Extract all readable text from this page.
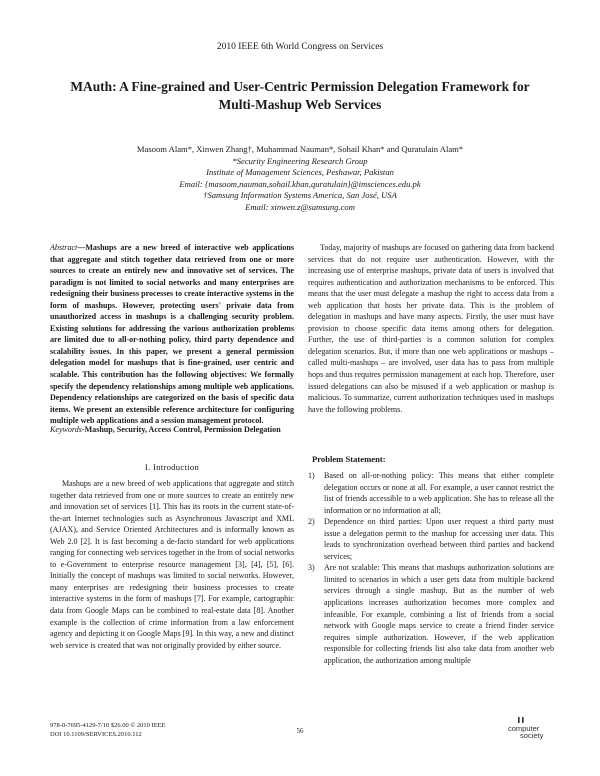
2010 IEEE 6th World Congress on Services
MAuth: A Fine-grained and User-Centric Permission Delegation Framework for
Multi-Mashup Web Services
Masoom Alam*, Xinwen Zhang†, Muhammad Nauman*, Sohail Khan* and Quratulain Alam*
*Security Engineering Research Group
Institute of Management Sciences, Peshawar, Pakistan
Email: {masoom,nauman,sohail.khan,quratulain}@imsciences.edu.pk
†Samsung Information Systems America, San José, USA
Email: xinwen.z@samsung.com
Abstract—Mashups are a new breed of interactive web applications that aggregate and stitch together data retrieved from one or more sources to create an entirely new and innovative set of services. The paradigm is not limited to social networks and many enterprises are redesigning their business processes to create interactive systems in the form of mashups. However, protecting users' private data from unauthorized access in mashups is a challenging security problem. Existing solutions for addressing the various authorization problems are limited due to all-or-nothing policy, third party dependence and scalability issues. In this paper, we present a general permission delegation model for mashups that is fine-grained, user centric and scalable. This contribution has the following objectives: We formally specify the dependency relationships among multiple web applications. Dependency relationships are categorized on the basis of specific data items. We present an extensible reference architecture for configuring multiple web applications and a session management protocol.
Keywords-Mashup, Security, Access Control, Permission Delegation
I. Introduction

Mashups are a new breed of web applications that aggregate and stitch together data retrieved from one or more sources to create an entirely new and innovation set of services [1]. This has its roots in the current state-of-the-art Internet technologies such as Asynchronous Javascript and XML (AJAX), and Service Oriented Architectures and is informally known as Web 2.0 [2]. It is fast becoming a de-facto standard for web applications ranging for connecting web services together in the from of social networks to e-Government to enterprise resource management [3], [4], [5], [6]. Initially the concept of mashups was limited to social networks. However, many enterprises are redesigning their business processes to create interactive systems in the form of mashups [7]. For example, cartographic data from Google Maps can be combined to real-estate data [8]. Another example is the collection of crime information from a law enforcement agency and depicting it on Google Maps [9]. In this way, a new and distinct web service is created that was not originally provided by either source.

Today, majority of mashups are focused on gathering data from backend services that do not require user authentication. However, with the increasing use of enterprise mashups, private data of users is involved that requires authentication and authorization mechanisms to be enforced. This means that the user must delegate a mashup the right to access data from a web application that hosts her private data. This is the problem of delegation in mashups and have many aspects. Firstly, the user must have provision to choose specific data items among others for delegation. Further, the use of third-parties is a common solution for complex delegation scenarios. But, if more than one web applications or mashups – called multi-mashups – are involved, user data has to pass from multiple hops and thus requires permission management at each hop. Therefore, user issued delegations can also be misused if a web application or mashup is malicious. To summarize, current authorization techniques used in mashups have the following problems.

Problem Statement:
1) Based on all-or-nothing policy: This means that either complete delegation occurs or none at all. For example, a user cannot restrict the list of friends accessible to a web application. She has to release all the information or no information at all;
2) Dependence on third parties: Upon user request a third party must issue a delegation permit to the mashup for accessing user data. This leads to synchronization overhead between third parties and backend services;
3) Are not scalable: This means that mashups authorization solutions are limited to scenarios in which a user gets data from multiple backend services through a single mashup. But as the number of web applications increases authorization becomes more complex and infeasible. For example, combining a list of friends from a social network with Google maps service to create a friend finder service requires simple authorization. However, if the web application responsible for collecting friends list also take data from another web application, the authorization among multiple
978-0-7695-4129-7/10 $26.00 © 2010 IEEE
DOI 10.1109/SERVICES.2010.112	56	computer
society
